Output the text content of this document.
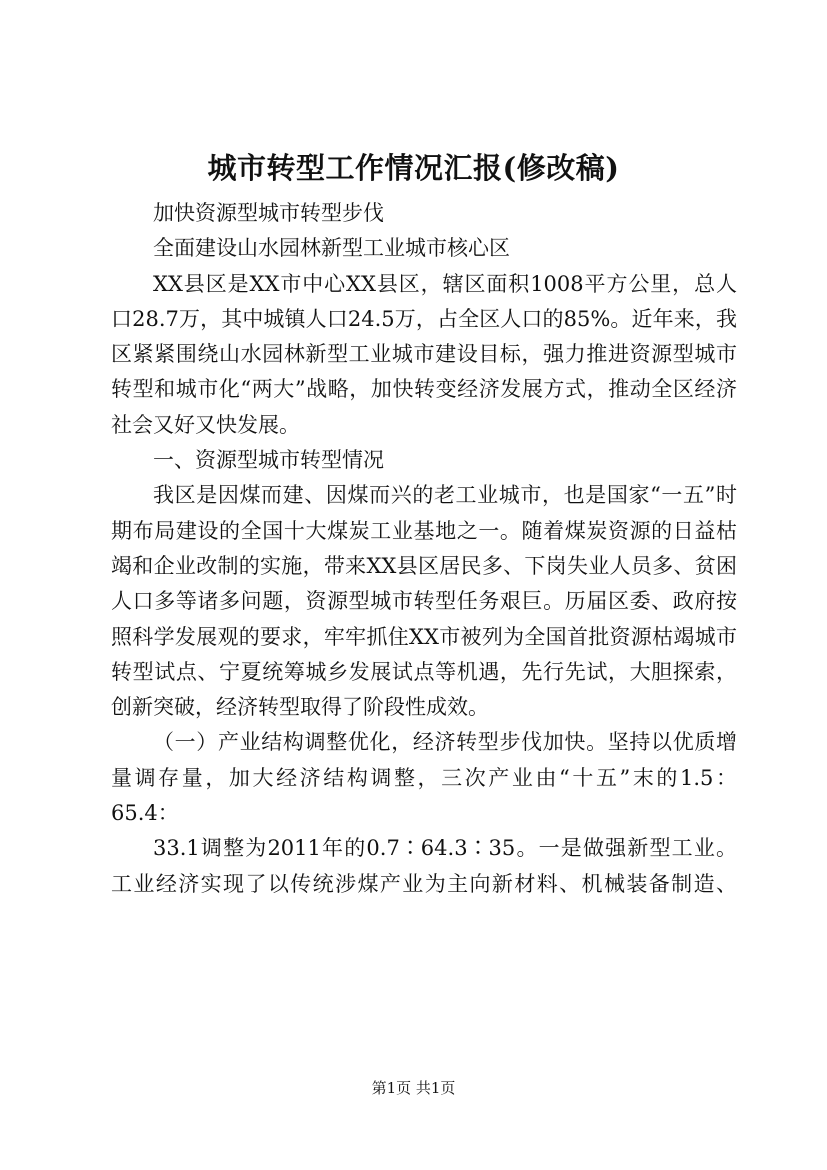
城市转型工作情况汇报(修改稿)

加快资源型城市转型步伐

全面建设山水园林新型工业城市核心区

XX县区是XX市中心XX县区，辖区面积1008平方公里，总人口28.7万，其中城镇人口24.5万，占全区人口的85%。近年来，我区紧紧围绕山水园林新型工业城市建设目标，强力推进资源型城市转型和城市化“两大”战略，加快转变经济发展方式，推动全区经济社会又好又快发展。

一、资源型城市转型情况

我区是因煤而建、因煤而兴的老工业城市，也是国家“一五”时期布局建设的全国十大煤炭工业基地之一。随着煤炭资源的日益枯竭和企业改制的实施，带来XX县区居民多、下岗失业人员多、贫困人口多等诸多问题，资源型城市转型任务艰巨。历届区委、政府按照科学发展观的要求，牢牢抓住XX市被列为全国首批资源枯竭城市转型试点、宁夏统筹城乡发展试点等机遇，先行先试，大胆探索，创新突破，经济转型取得了阶段性成效。

（一）产业结构调整优化，经济转型步伐加快。坚持以优质增量调存量，加大经济结构调整，三次产业由“十五”末的1.5：65.4：

33.1调整为2011年的0.7∶64.3∶35。一是做强新型工业。工业经济实现了以传统涉煤产业为主向新材料、机械装备制造、

第1页 共1页
